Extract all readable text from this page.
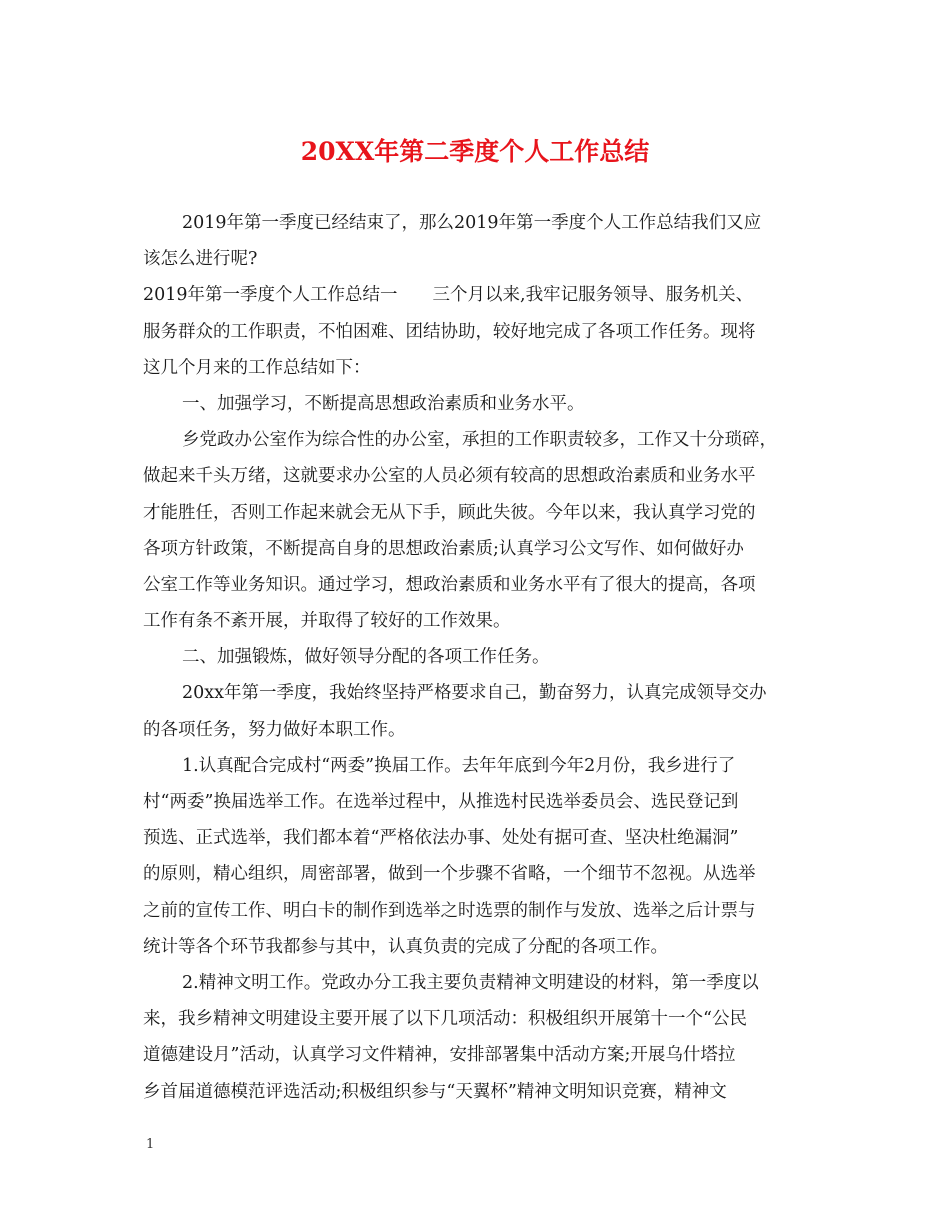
20XX年第二季度个人工作总结

2019年第一季度已经结束了，那么2019年第一季度个人工作总结我们又应

该怎么进行呢?

2019年第一季度个人工作总结一　　三个月以来,我牢记服务领导、服务机关、

服务群众的工作职责，不怕困难、团结协助，较好地完成了各项工作任务。现将

这几个月来的工作总结如下：

一、加强学习，不断提高思想政治素质和业务水平。

乡党政办公室作为综合性的办公室，承担的工作职责较多，工作又十分琐碎，

做起来千头万绪，这就要求办公室的人员必须有较高的思想政治素质和业务水平

才能胜任，否则工作起来就会无从下手，顾此失彼。今年以来，我认真学习党的

各项方针政策，不断提高自身的思想政治素质;认真学习公文写作、如何做好办

公室工作等业务知识。通过学习，想政治素质和业务水平有了很大的提高，各项

工作有条不紊开展，并取得了较好的工作效果。

二、加强锻炼，做好领导分配的各项工作任务。

20xx年第一季度，我始终坚持严格要求自己，勤奋努力，认真完成领导交办

的各项任务，努力做好本职工作。

1.认真配合完成村“两委”换届工作。去年年底到今年2月份，我乡进行了

村“两委”换届选举工作。在选举过程中，从推选村民选举委员会、选民登记到

预选、正式选举，我们都本着“严格依法办事、处处有据可查、坚决杜绝漏洞”

的原则，精心组织，周密部署，做到一个步骤不省略，一个细节不忽视。从选举

之前的宣传工作、明白卡的制作到选举之时选票的制作与发放、选举之后计票与

统计等各个环节我都参与其中，认真负责的完成了分配的各项工作。

2.精神文明工作。党政办分工我主要负责精神文明建设的材料，第一季度以

来，我乡精神文明建设主要开展了以下几项活动：积极组织开展第十一个“公民

道德建设月”活动，认真学习文件精神，安排部署集中活动方案;开展乌什塔拉

乡首届道德模范评选活动;积极组织参与“天翼杯”精神文明知识竞赛，精神文

1
